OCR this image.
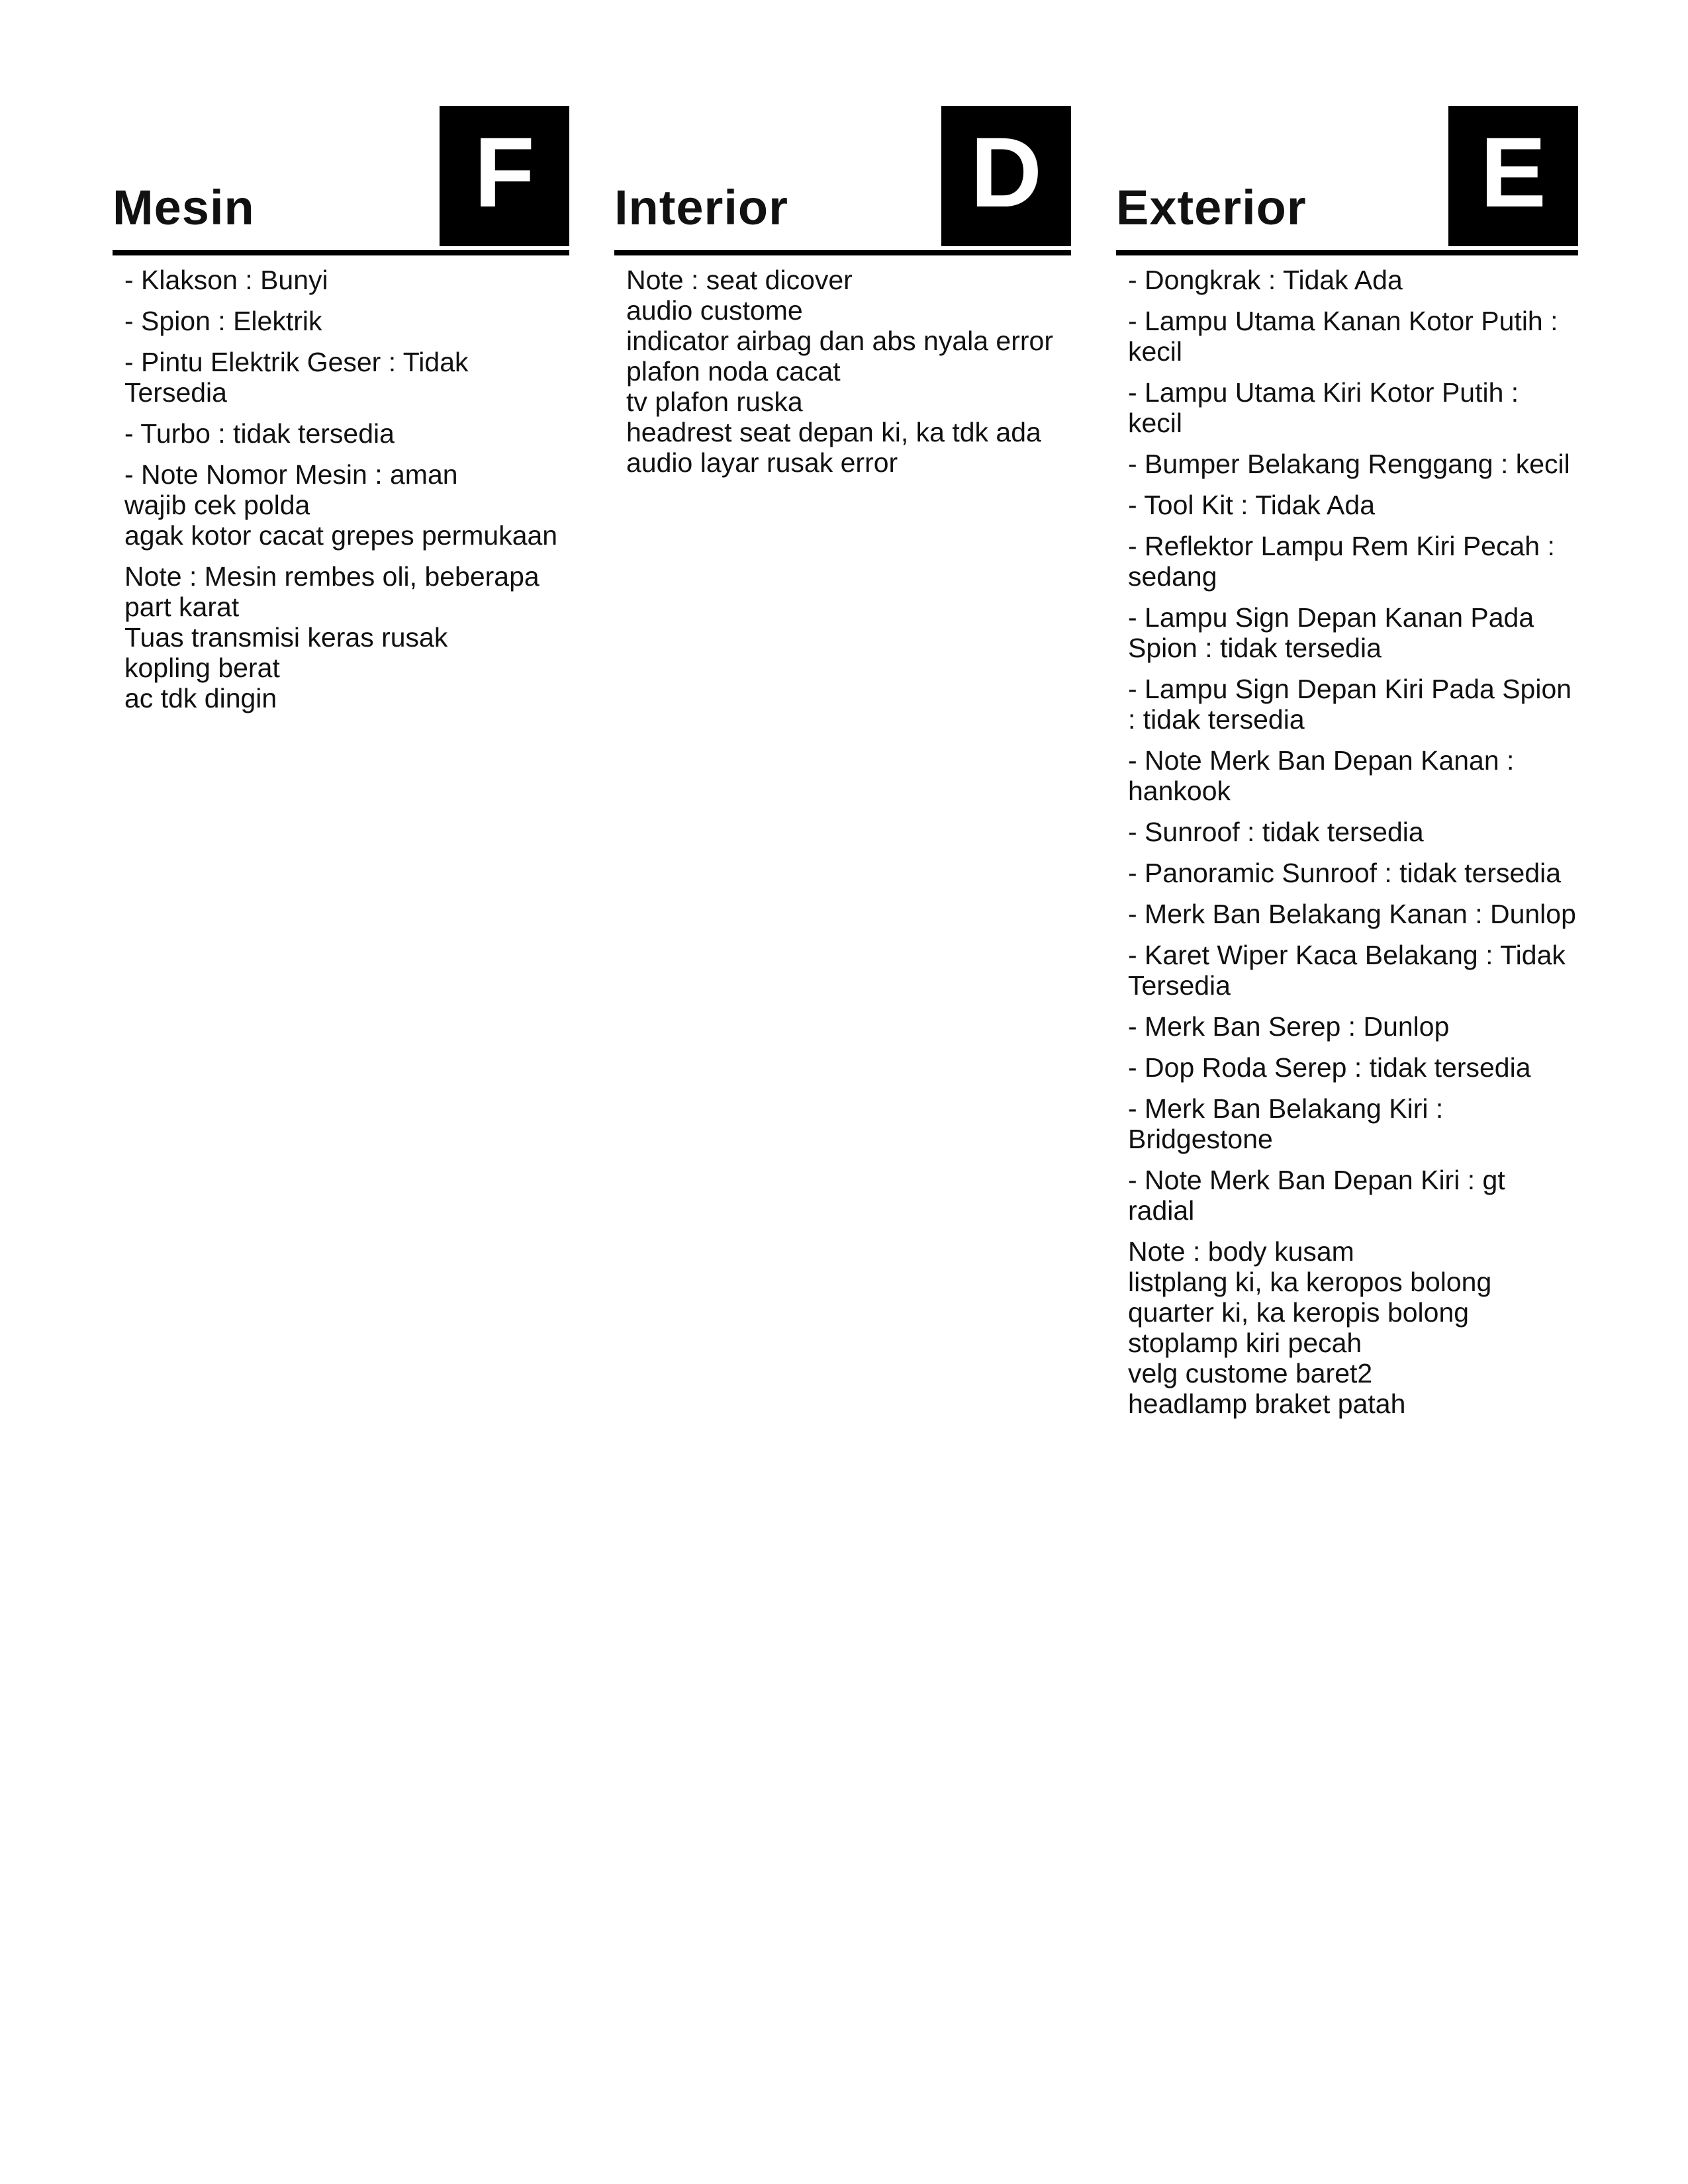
Mesin	F
- Klakson : Bunyi
- Spion : Elektrik
- Pintu Elektrik Geser : Tidak Tersedia
- Turbo : tidak tersedia
- Note Nomor Mesin : aman
wajib cek polda
agak kotor cacat grepes permukaan
Note : Mesin rembes oli, beberapa part karat
Tuas transmisi keras rusak
kopling berat
ac tdk dingin
Interior D
Note : seat dicover
audio custome
indicator airbag dan abs nyala error
plafon noda cacat
tv plafon ruska
headrest seat depan ki, ka tdk ada
audio layar rusak error
Exterior	E
- Dongkrak : Tidak Ada
- Lampu Utama Kanan Kotor Putih : kecil
- Lampu Utama Kiri Kotor Putih : kecil
- Bumper Belakang Renggang : kecil
- Tool Kit : Tidak Ada
- Reflektor Lampu Rem Kiri Pecah : sedang
- Lampu Sign Depan Kanan Pada Spion : tidak tersedia
- Lampu Sign Depan Kiri Pada Spion : tidak tersedia
- Note Merk Ban Depan Kanan : hankook
- Sunroof : tidak tersedia
- Panoramic Sunroof : tidak tersedia
- Merk Ban Belakang Kanan : Dunlop
- Karet Wiper Kaca Belakang : Tidak Tersedia
- Merk Ban Serep : Dunlop
- Dop Roda Serep : tidak tersedia
- Merk Ban Belakang Kiri : Bridgestone
- Note Merk Ban Depan Kiri : gt radial
Note : body kusam
listplang ki, ka keropos bolong
quarter ki, ka keropis bolong
stoplamp kiri pecah
velg custome baret2
headlamp braket patah
